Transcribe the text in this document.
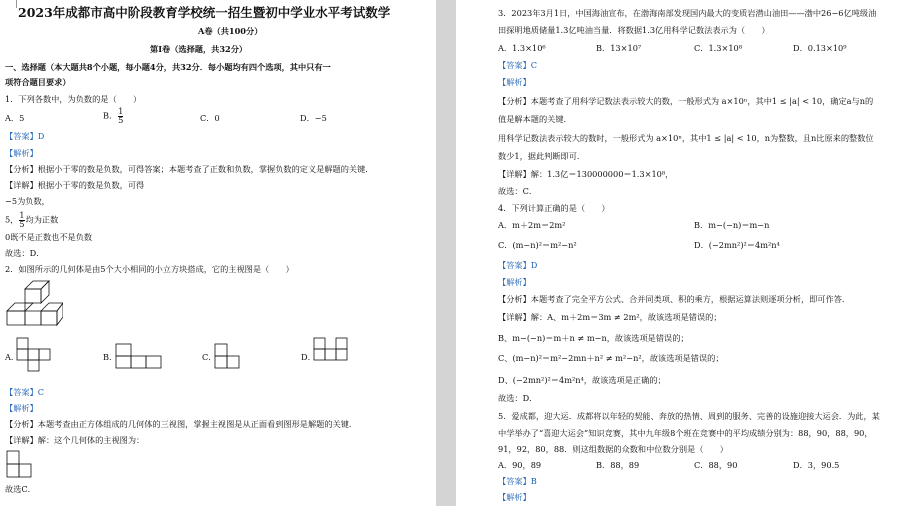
2023年成都市高中阶段教育学校统一招生暨初中学业水平考试数学
A卷（共100分）
第Ⅰ卷（选择题，共32分）
一、选择题（本大题共8个小题，每小题4分，共32分．每小题均有四个选项，其中只有一
项符合题目要求）
1．下列各数中，为负数的是（　　）
A．5	B． $\frac{1}{5}$	C．0	D．−5
【答案】D
【解析】
【分析】根据小于零的数是负数，可得答案；本题考查了正数和负数，掌握负数的定义是解题的关键．
【详解】根据小于零的数是负数，可得
−5为负数，
5， $\frac{1}{5}$ 均为正数
0既不是正数也不是负数
故选：D．
2．如图所示的几何体是由5个大小相同的小立方块搭成，它的主视图是（　　）
A．	B．	C．	D．
【答案】C
【解析】
【分析】本题考查由正方体组成的几何体的三视图，掌握主视图是从正面看到图形是解题的关键．
【详解】解：这个几何体的主视图为：
故选C．
3．2023年3月1日，中国海油宣布，在渤海南部发现国内最大的变质岩潜山油田——渤中26−6亿吨级油
田探明地质储量1.3亿吨油当量．将数据1.3亿用科学记数法表示为（　　）
A．1.3×10⁶	B．13×10⁷	C．1.3×10⁸	D．0.13×10⁹
【答案】C
【解析】
【分析】本题考查了用科学记数法表示较大的数，一般形式为 a×10ⁿ，其中1 ≤ |a| < 10，确定a与n的
值是解本题的关键．
用科学记数法表示较大的数时，一般形式为 a×10ⁿ，其中1 ≤ |a| < 10，n为整数，且n比原来的整数位
数少1，据此判断即可．
【详解】解：1.3亿＝130000000＝1.3×10⁸，
故选：C．
4．下列计算正确的是（　　）
A．m＋2m＝2m²	B．m−(−n)＝m−n
C．(m−n)²＝m²−n²	D．(−2mn²)²＝4m²n⁴
【答案】D
【解析】
【分析】本题考查了完全平方公式、合并同类项、积的乘方，根据运算法则逐项分析，即可作答．
【详解】解：A、m＋2m＝3m ≠ 2m²，故该选项是错误的；
B、m−(−n)＝m＋n ≠ m−n，故该选项是错误的；
C、(m−n)²＝m²−2mn＋n² ≠ m²−n²，故该选项是错误的；
D、(−2mn²)²＝4m²n⁴，故该选项是正确的；
故选：D．
5．爱成都，迎大运．成都将以年轻的契能、奔放的热情、周到的服务、完善的设施迎接大运会．为此，某
中学举办了“喜迎大运会”知识竞赛，其中九年级8个班在竞赛中的平均成绩分别为：88，90，88，90，
91，92，80，88．则这组数据的众数和中位数分别是（　　）
A．90，89	B．88，89	C．88，90	D．3，90.5
【答案】B
【解析】
